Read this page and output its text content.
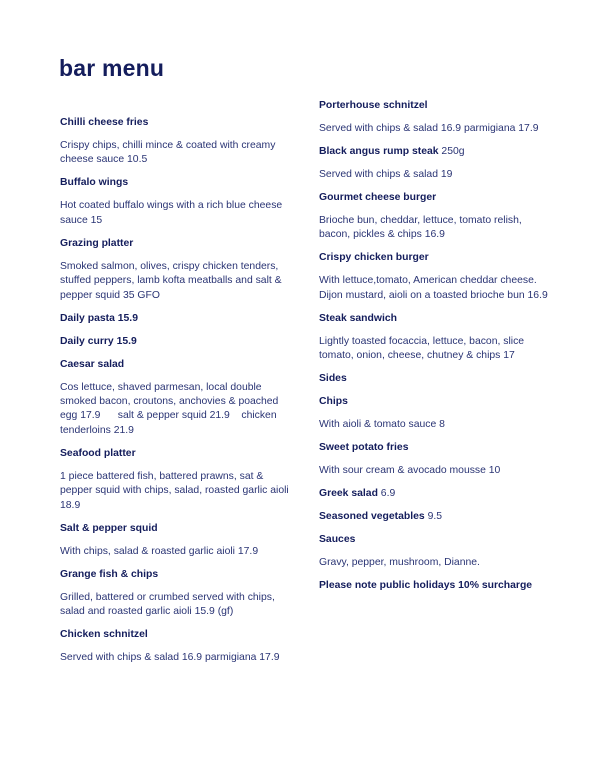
bar menu

Chilli cheese fries

Crispy chips, chilli mince & coated with creamy cheese sauce 10.5

Buffalo wings

Hot coated buffalo wings with a rich blue cheese sauce 15

Grazing platter

Smoked salmon, olives, crispy chicken tenders, stuffed peppers, lamb kofta meatballs and salt & pepper squid 35 GFO

Daily pasta 15.9

Daily curry 15.9

Caesar salad

Cos lettuce, shaved parmesan, local double smoked bacon, croutons, anchovies & poached egg 17.9      salt & pepper squid 21.9    chicken tenderloins 21.9

Seafood platter

1 piece battered fish, battered prawns, sat & pepper squid with chips, salad, roasted garlic aioli 18.9

Salt & pepper squid

With chips, salad & roasted garlic aioli 17.9

Grange fish & chips

Grilled, battered or crumbed served with chips, salad and roasted garlic aioli 15.9 (gf)

Chicken schnitzel

Served with chips & salad 16.9 parmigiana 17.9

Porterhouse schnitzel

Served with chips & salad 16.9 parmigiana 17.9

Black angus rump steak 250g

Served with chips & salad 19

Gourmet cheese burger

Brioche bun, cheddar, lettuce, tomato relish, bacon, pickles & chips 16.9

Crispy chicken burger

With lettuce,tomato, American cheddar cheese. Dijon mustard, aioli on a toasted brioche bun 16.9

Steak sandwich

Lightly toasted focaccia, lettuce, bacon, slice tomato, onion, cheese, chutney & chips 17

Sides

Chips

With aioli & tomato sauce 8

Sweet potato fries

With sour cream & avocado mousse 10

Greek salad 6.9

Seasoned vegetables 9.5

Sauces

Gravy, pepper, mushroom, Dianne.

Please note public holidays 10% surcharge
